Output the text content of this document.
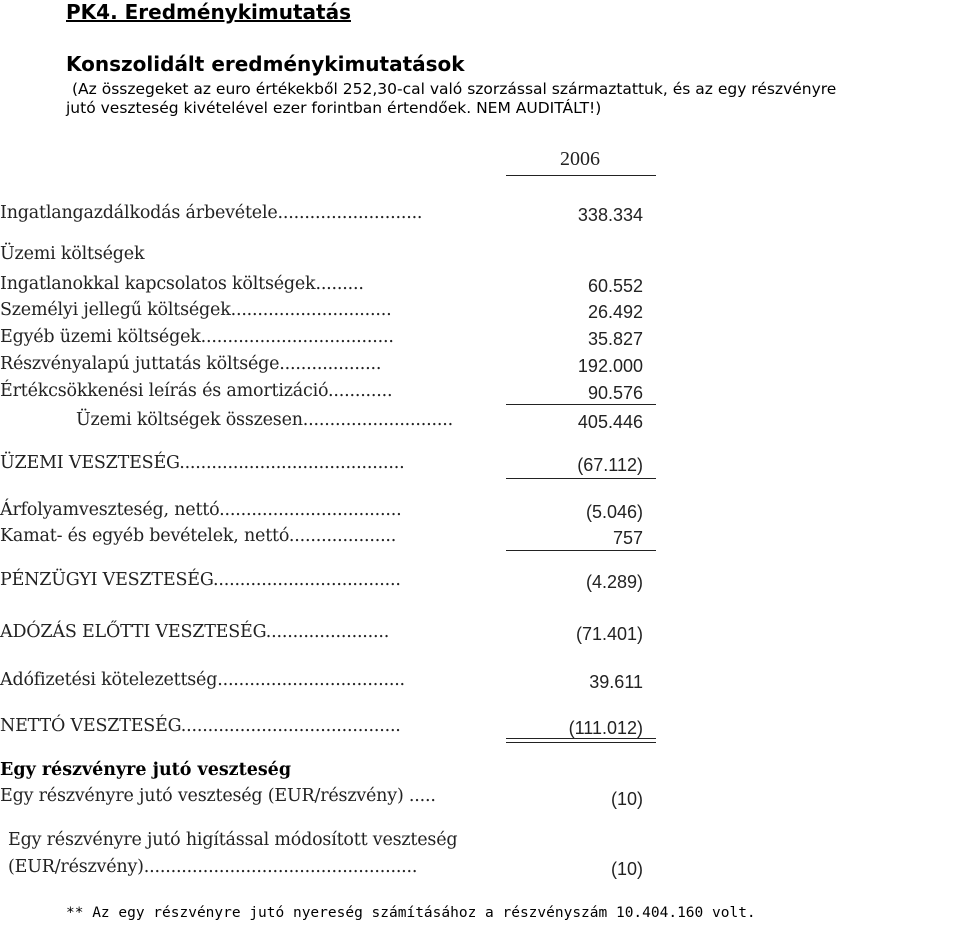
PK4. Eredménykimutatás
Konszolidált eredménykimutatások
(Az összegeket az euro értékekből 252,30-cal való szorzással származtattuk, és az egy részvényre
jutó veszteség kivételével ezer forintban értendőek. NEM AUDITÁLT!)
2006
Ingatlangazdálkodás árbevétele...........................	338.334
Üzemi költségek
Ingatlanokkal kapcsolatos költségek.........	60.552
Személyi jellegű költségek..............................	26.492
Egyéb üzemi költségek....................................	35.827
Részvényalapú juttatás költsége...................	192.000
Értékcsökkenési leírás és amortizáció............	90.576
Üzemi költségek összesen............................	405.446
ÜZEMI VESZTESÉG..........................................	(67.112)
Árfolyamveszteség, nettó..................................	(5.046)
Kamat- és egyéb bevételek, nettó....................	757
PÉNZÜGYI VESZTESÉG...................................	(4.289)
ADÓZÁS ELŐTTI VESZTESÉG.......................	(71.401)
Adófizetési kötelezettség...................................	39.611
NETTÓ VESZTESÉG.........................................	(111.012)
Egy részvényre jutó veszteség
Egy részvényre jutó veszteség (EUR/részvény) .....	(10)
Egy részvényre jutó higítással módosított veszteség
(EUR/részvény)...................................................	(10)
** Az egy részvényre jutó nyereség számításához a részvényszám 10.404.160 volt.
